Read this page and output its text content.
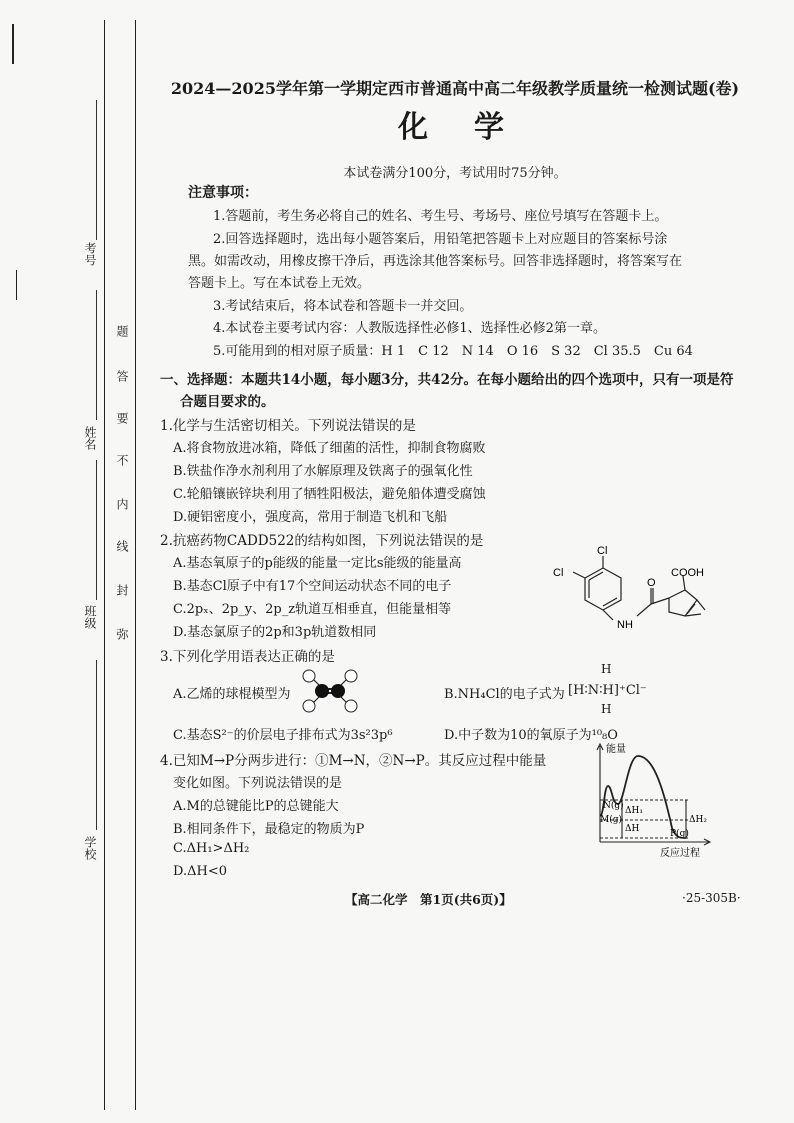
考号
姓名
班级
学校
题
答
要
不
内
线
封
弥
2024—2025学年第一学期定西市普通高中高二年级教学质量统一检测试题(卷)
化　学
本试卷满分100分，考试用时75分钟。
注意事项：
1.答题前，考生务必将自己的姓名、考生号、考场号、座位号填写在答题卡上。
2.回答选择题时，选出每小题答案后，用铅笔把答题卡上对应题目的答案标号涂
黑。如需改动，用橡皮擦干净后，再选涂其他答案标号。回答非选择题时，将答案写在
答题卡上。写在本试卷上无效。
3.考试结束后，将本试卷和答题卡一并交回。
4.本试卷主要考试内容：人教版选择性必修1、选择性必修2第一章。
5.可能用到的相对原子质量：H 1　C 12　N 14　O 16　S 32　Cl 35.5　Cu 64
一、选择题：本题共14小题，每小题3分，共42分。在每小题给出的四个选项中，只有一项是符
合题目要求的。
1.化学与生活密切相关。下列说法错误的是
A.将食物放进冰箱，降低了细菌的活性，抑制食物腐败
B.铁盐作净水剂利用了水解原理及铁离子的强氧化性
C.轮船镶嵌锌块利用了牺牲阳极法，避免船体遭受腐蚀
D.硬铝密度小，强度高，常用于制造飞机和飞船
2.抗癌药物CADD522的结构如图，下列说法错误的是
A.基态氧原子的p能级的能量一定比s能级的能量高
B.基态Cl原子中有17个空间运动状态不同的电子
C.2pₓ、2p_y、2p_z轨道互相垂直，但能量相等
D.基态氯原子的2p和3p轨道数相同
Cl
Cl	COOH
O
NH
3.下列化学用语表达正确的是
A.乙烯的球棍模型为	B.NH₄Cl的电子式为
H
[H∶N∶H]⁺Cl⁻
H
C.基态S²⁻的价层电子排布式为3s²3p⁶	D.中子数为10的氧原子为¹⁰₈O
4.已知M→P分两步进行：①M→N，②N→P。其反应过程中能量
变化如图。下列说法错误的是
A.M的总键能比P的总键能大
B.相同条件下，最稳定的物质为P
C.ΔH₁>ΔH₂
D.ΔH<0
能量
反应过程
N(g)
M(g)
P(g)
ΔH₁
ΔH
ΔH₂
【高二化学　第1页(共6页)】	·25-305B·
